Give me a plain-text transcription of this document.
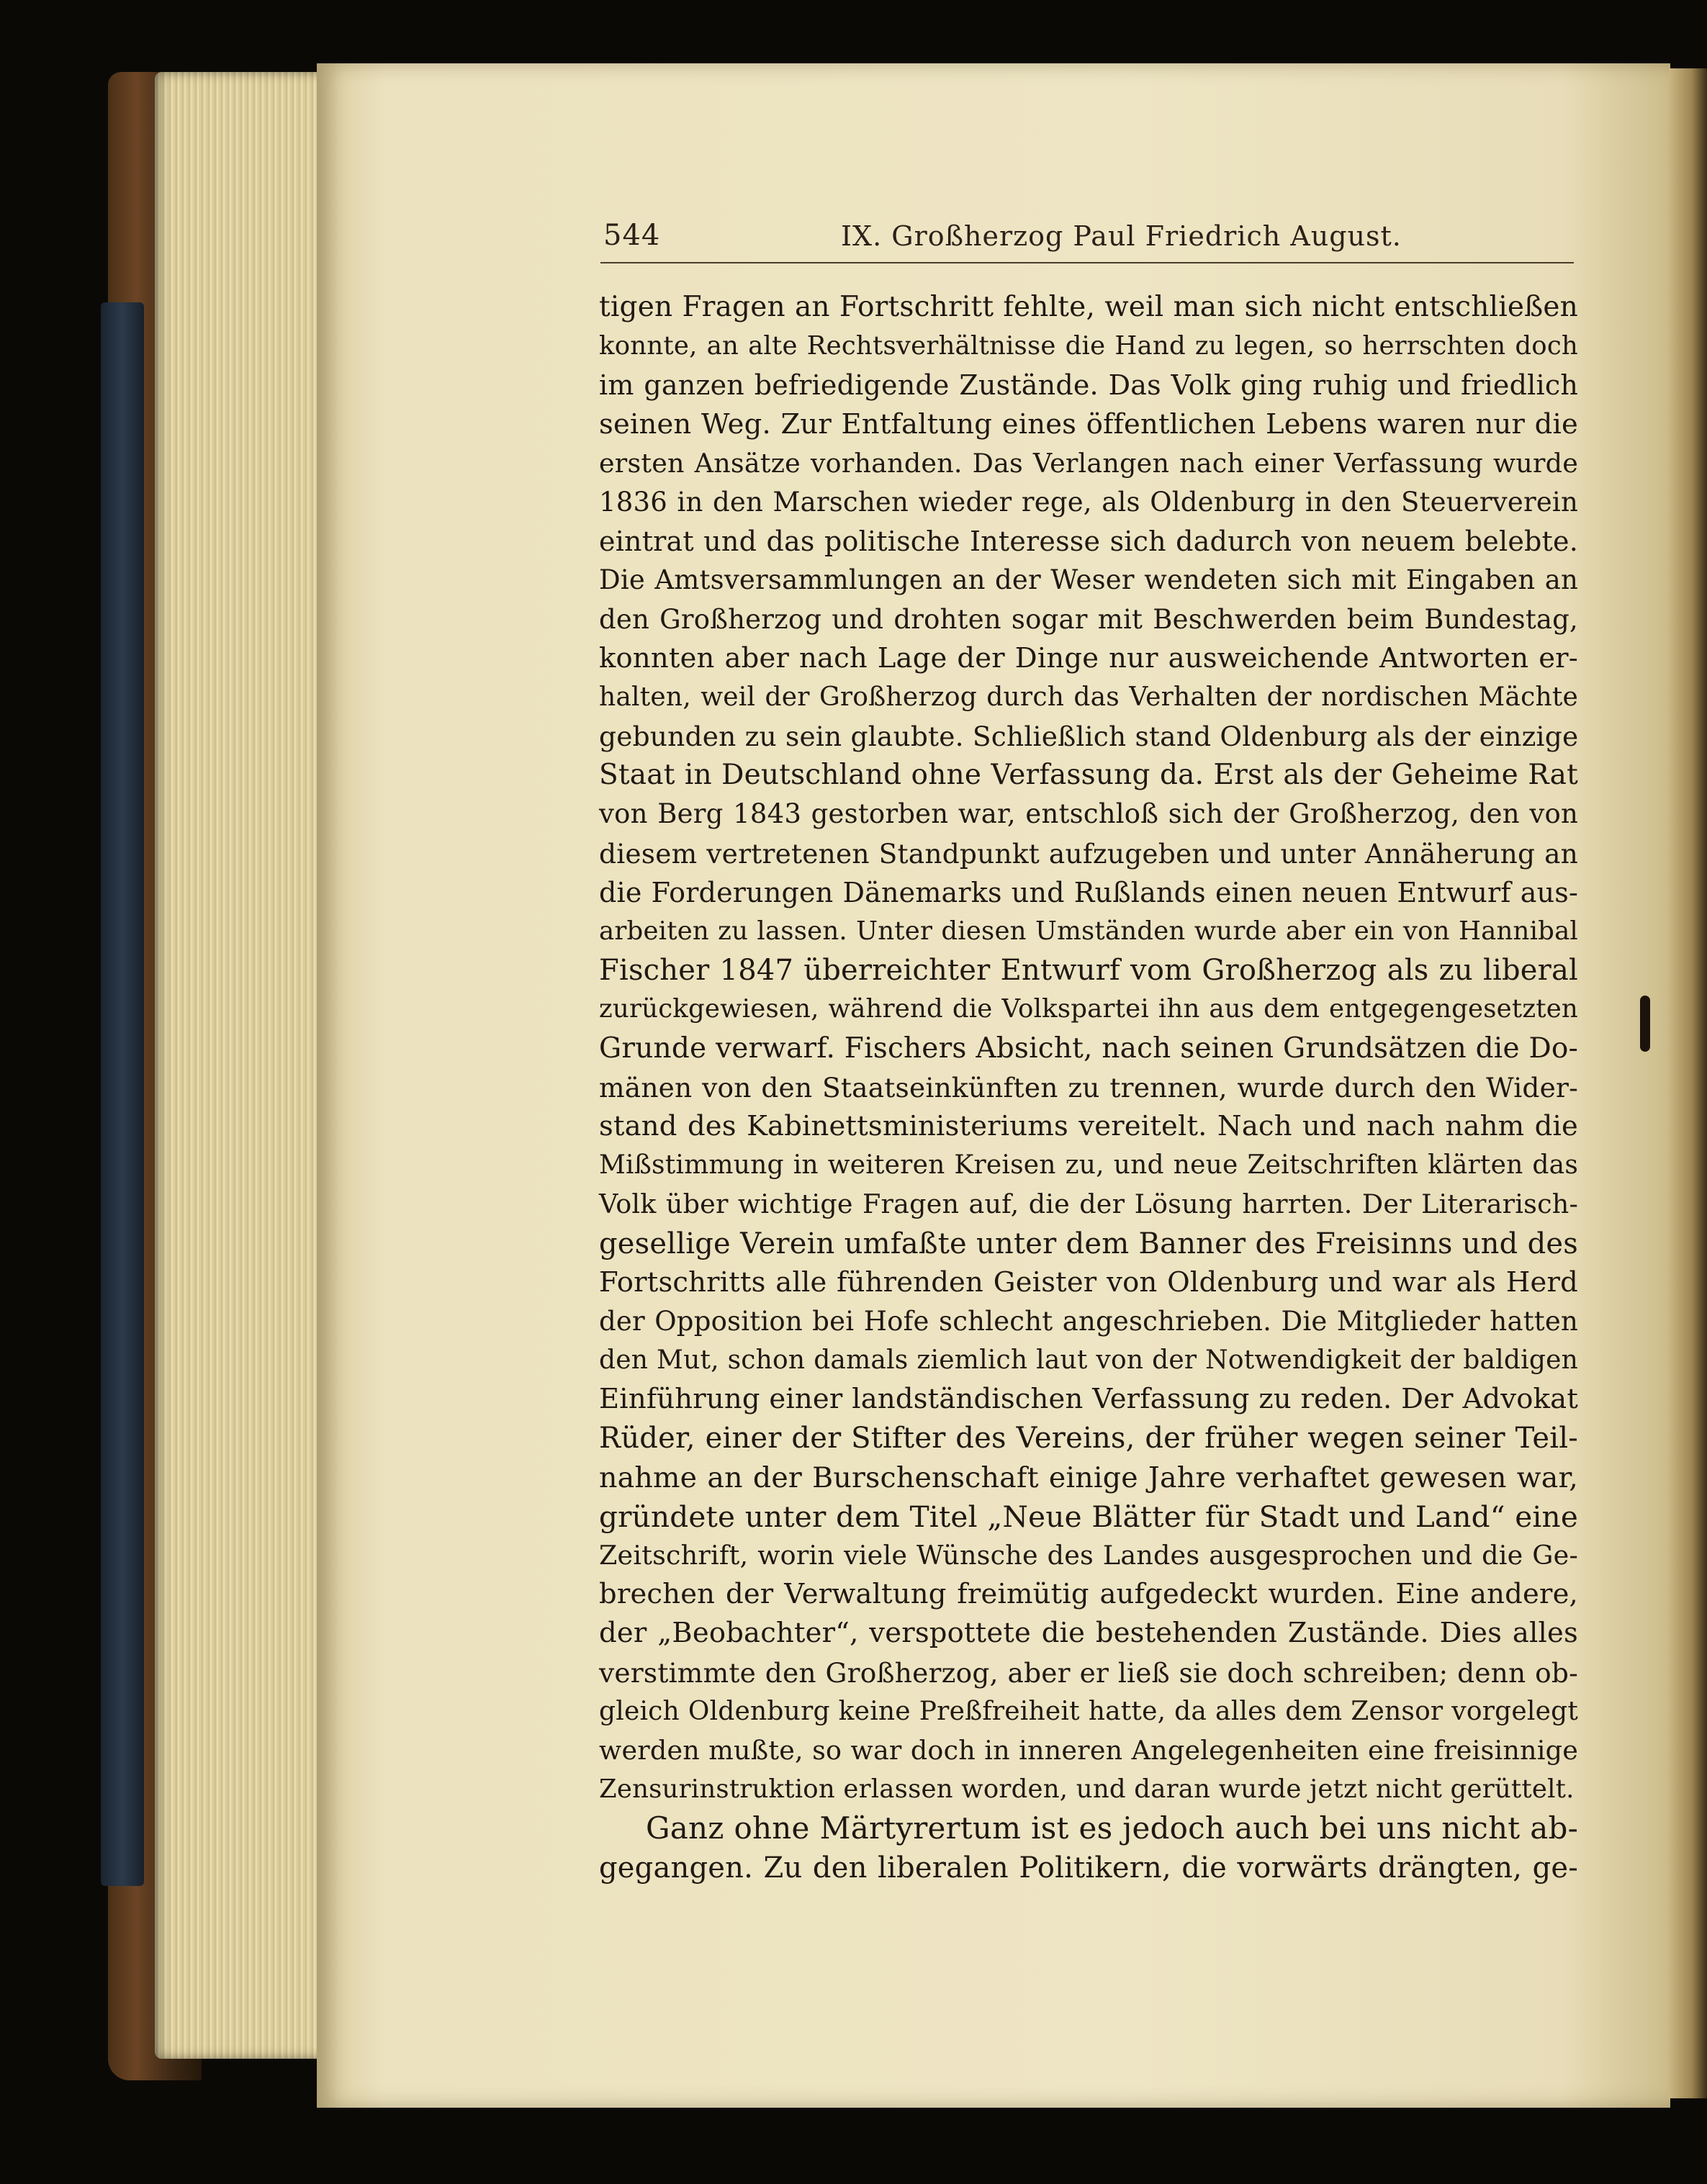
544	IX. Großherzog Paul Friedrich August.
tigen Fragen an Fortschritt fehlte, weil man sich nicht entschließen
konnte, an alte Rechtsverhältnisse die Hand zu legen, so herrschten doch
im ganzen befriedigende Zustände. Das Volk ging ruhig und friedlich
seinen Weg. Zur Entfaltung eines öffentlichen Lebens waren nur die
ersten Ansätze vorhanden. Das Verlangen nach einer Verfassung wurde
1836 in den Marschen wieder rege, als Oldenburg in den Steuerverein
eintrat und das politische Interesse sich dadurch von neuem belebte.
Die Amtsversammlungen an der Weser wendeten sich mit Eingaben an
den Großherzog und drohten sogar mit Beschwerden beim Bundestag,
konnten aber nach Lage der Dinge nur ausweichende Antworten er-
halten, weil der Großherzog durch das Verhalten der nordischen Mächte
gebunden zu sein glaubte. Schließlich stand Oldenburg als der einzige
Staat in Deutschland ohne Verfassung da. Erst als der Geheime Rat
von Berg 1843 gestorben war, entschloß sich der Großherzog, den von
diesem vertretenen Standpunkt aufzugeben und unter Annäherung an
die Forderungen Dänemarks und Rußlands einen neuen Entwurf aus-
arbeiten zu lassen. Unter diesen Umständen wurde aber ein von Hannibal
Fischer 1847 überreichter Entwurf vom Großherzog als zu liberal
zurückgewiesen, während die Volkspartei ihn aus dem entgegengesetzten
Grunde verwarf. Fischers Absicht, nach seinen Grundsätzen die Do-
mänen von den Staatseinkünften zu trennen, wurde durch den Wider-
stand des Kabinettsministeriums vereitelt. Nach und nach nahm die
Mißstimmung in weiteren Kreisen zu, und neue Zeitschriften klärten das
Volk über wichtige Fragen auf, die der Lösung harrten. Der Literarisch-
gesellige Verein umfaßte unter dem Banner des Freisinns und des
Fortschritts alle führenden Geister von Oldenburg und war als Herd
der Opposition bei Hofe schlecht angeschrieben. Die Mitglieder hatten
den Mut, schon damals ziemlich laut von der Notwendigkeit der baldigen
Einführung einer landständischen Verfassung zu reden. Der Advokat
Rüder, einer der Stifter des Vereins, der früher wegen seiner Teil-
nahme an der Burschenschaft einige Jahre verhaftet gewesen war,
gründete unter dem Titel „Neue Blätter für Stadt und Land“ eine
Zeitschrift, worin viele Wünsche des Landes ausgesprochen und die Ge-
brechen der Verwaltung freimütig aufgedeckt wurden. Eine andere,
der „Beobachter“, verspottete die bestehenden Zustände. Dies alles
verstimmte den Großherzog, aber er ließ sie doch schreiben; denn ob-
gleich Oldenburg keine Preßfreiheit hatte, da alles dem Zensor vorgelegt
werden mußte, so war doch in inneren Angelegenheiten eine freisinnige
Zensurinstruktion erlassen worden, und daran wurde jetzt nicht gerüttelt.
Ganz ohne Märtyrertum ist es jedoch auch bei uns nicht ab-
gegangen. Zu den liberalen Politikern, die vorwärts drängten, ge-
